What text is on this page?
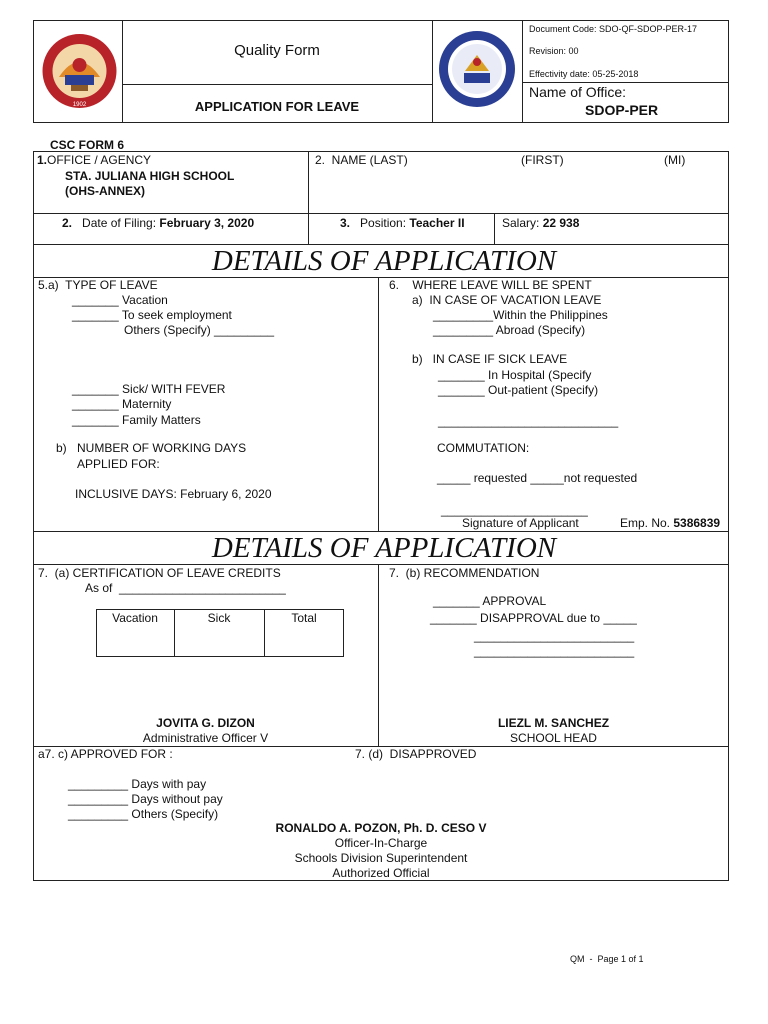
1902
Quality Form
APPLICATION FOR LEAVE
Document Code: SDO-QF-SDOP-PER-17
Revision: 00
Effectivity date: 05-25-2018
Name of Office:
SDOP-PER
CSC FORM 6
1.OFFICE / AGENCY
STA. JULIANA HIGH SCHOOL
(OHS-ANNEX)
2.  NAME (LAST)	(FIRST)	(MI)
2. Date of Filing: February 3, 2020	3. Position: Teacher II	Salary: 22 938
DETAILS OF APPLICATION
5.a)  TYPE OF LEAVE
_______ Vacation
_______ To seek employment
Others (Specify) _________
_______ Sick/ WITH FEVER
_______ Maternity
_______ Family Matters
b) NUMBER OF WORKING DAYS
APPLIED FOR:
INCLUSIVE DAYS: February 6, 2020
6.    WHERE LEAVE WILL BE SPENT
a)  IN CASE OF VACATION LEAVE
_________Within the Philippines
_________ Abroad (Specify)
b)   IN CASE IF SICK LEAVE
_______ In Hospital (Specify
_______ Out-patient (Specify)
___________________________
COMMUTATION:
_____ requested _____not requested
______________________
Signature of Applicant	Emp. No. 5386839
DETAILS OF APPLICATION
7.  (a) CERTIFICATION OF LEAVE CREDITS
As of  _________________________
Vacation	Sick	Total
JOVITA G. DIZON
Administrative Officer V
7.  (b) RECOMMENDATION
_______ APPROVAL
_______ DISAPPROVAL due to _____
________________________
________________________
LIEZL M. SANCHEZ
SCHOOL HEAD
a7. c) APPROVED FOR :	7. (d)  DISAPPROVED
_________ Days with pay
_________ Days without pay
_________ Others (Specify)
RONALDO A. POZON, Ph. D. CESO V
Officer-In-Charge
Schools Division Superintendent
Authorized Official
QM  -  Page 1 of 1
